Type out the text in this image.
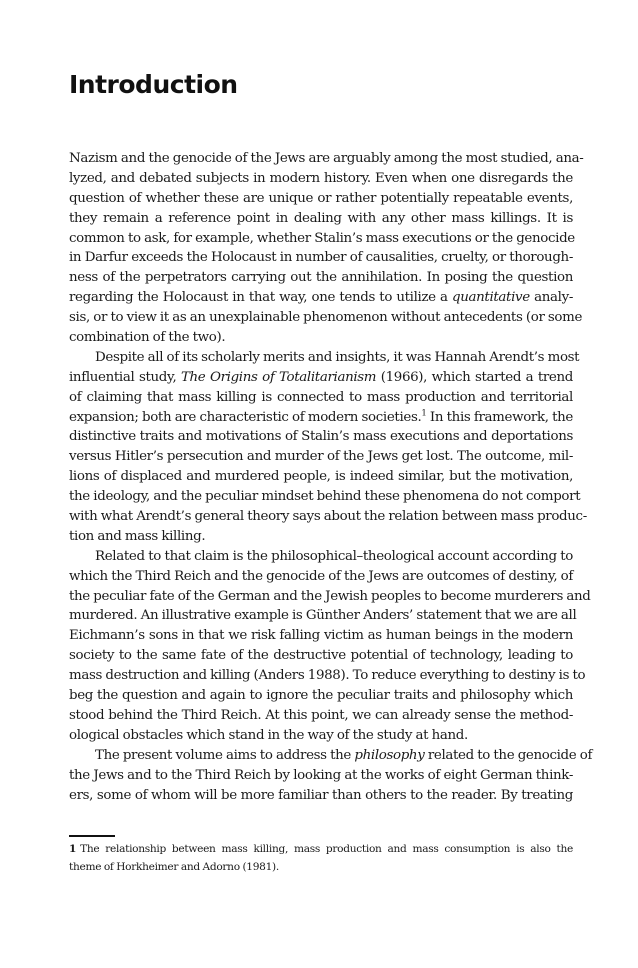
Introduction
Nazism and the genocide of the Jews are arguably among the most studied, ana-
lyzed, and debated subjects in modern history. Even when one disregards the
question of whether these are unique or rather potentially repeatable events,
they remain a reference point in dealing with any other mass killings. It is
common to ask, for example, whether Stalin’s mass executions or the genocide
in Darfur exceeds the Holocaust in number of causalities, cruelty, or thorough-
ness of the perpetrators carrying out the annihilation. In posing the question
regarding the Holocaust in that way, one tends to utilize a quantitative analy-
sis, or to view it as an unexplainable phenomenon without antecedents (or some
combination of the two).
Despite all of its scholarly merits and insights, it was Hannah Arendt’s most
influential study, The Origins of Totalitarianism (1966), which started a trend
of claiming that mass killing is connected to mass production and territorial
expansion; both are characteristic of modern societies.$^1$ In this framework, the
distinctive traits and motivations of Stalin’s mass executions and deportations
versus Hitler’s persecution and murder of the Jews get lost. The outcome, mil-
lions of displaced and murdered people, is indeed similar, but the motivation,
the ideology, and the peculiar mindset behind these phenomena do not comport
with what Arendt’s general theory says about the relation between mass produc-
tion and mass killing.
Related to that claim is the philosophical–theological account according to
which the Third Reich and the genocide of the Jews are outcomes of destiny, of
the peculiar fate of the German and the Jewish peoples to become murderers and
murdered. An illustrative example is Günther Anders’ statement that we are all
Eichmann’s sons in that we risk falling victim as human beings in the modern
society to the same fate of the destructive potential of technology, leading to
mass destruction and killing (Anders 1988). To reduce everything to destiny is to
beg the question and again to ignore the peculiar traits and philosophy which
stood behind the Third Reich. At this point, we can already sense the method-
ological obstacles which stand in the way of the study at hand.
The present volume aims to address the philosophy related to the genocide of
the Jews and to the Third Reich by looking at the works of eight German think-
ers, some of whom will be more familiar than others to the reader. By treating
1 The relationship between mass killing, mass production and mass consumption is also the
theme of Horkheimer and Adorno (1981).
